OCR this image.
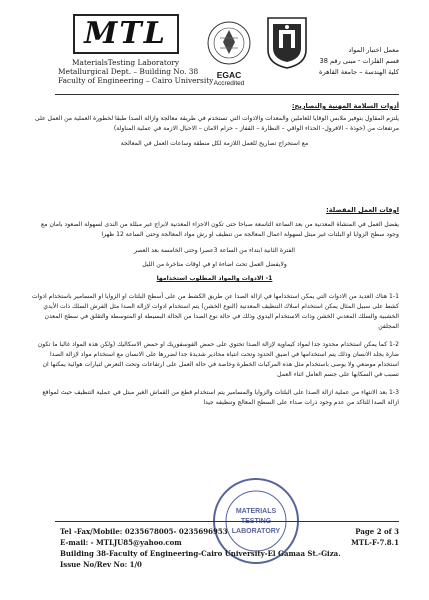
MTL
MaterialsTesting Laboratory
Metallurgical Dept. – Building No. 38
Faculty of Engineering – Cairo University
EGAC
Accredited
معمل اختبار المواد
قسم الفلزات - مبنى رقم 38
كلية الهندسة – جامعة القاهرة
أدوات السلامة المهنية والتصاريح:
يلتزم المقاول بتوفير ملابس الوقايا للعاملين والمعدات والادوات التي تستخدم في طريقة معالجة وازالة الصدا طبقا لخطورة العملية من العمل على مرتفعات من (خوذة – الافرول- الحذاء الواقي – النظارة – القفاز – حزام الامان – الاحبال الازمة في عملية المناولة)
مع استخراج تصاريح للعمل اللازمة لكل منطقة وساعات العمل في المعالجة
اوقات العمل المفضلة:
يفضل العمل في المنشاة المعدنية من بعد الساعة التاسعة صباحا حتى تكون الاجزاء المعدنية لابراج غير مبللة من الندى لسهولة الصعود بامان مع وجود سطح الزوايا او البلتات غير مبتل لسهولة اعمال المعالجة من تنظيف او رش مواد المعالجة وحتى الساعة 12 ظهرا
الفترة الثانية ابتداء من الساعة 3عصرا وحتى الخامسة بعد العصر
ولايفضل العمل تحت اضاءة او في اوقات متاخرة من الليل
1- الادوات والمواد المطلوب استخدامها
1-1 هناك العديد من الادوات التي يمكن استخدامها في ازالة الصدا عن طريق الكشط من على أسطح البلتات او الزوايا او المسامير باستخدام ادوات كشط على سبيل المثال يمكن استخدام اسلاك التنظيف المعدنية (النوع الخشن) يتم استخدام ادوات لإزالة الصدا مثل الفرش السلك ذات الأيدي الخشبية والسلك المعدني الخشن وذات الاستخدام اليدوي وذلك في حالة نوع الصدا من الحالة البسيطة او المتوسطة والتقلق في سطح المعدن المجلفن
1-2 كما يمكن استخدام محدود جدا لمواد كيماوية لإزالة الصدا تحتوي على حمض الفوسفوريك او حمض الاسكاليك (ولكن هذه المواد غالبا ما تكون ضارة بجلد الانسان وذلك يتم استخدامها في اضيق الحدود وتحت انتباه محاذير شديدة جدا لضررها على الانسان مع استخدام مواد لإزالة الصدا استخدام موضعي ولا يوصى باستخدام مثل هذه المركبات الخطرة وخاصة في حالة العمل على ارتفاعات وتحت التعرض لتيارات هوائية يمكنها ان تسبب في السكابها على جسم العامل اثناء العمل
1-3 بعد الانتهاء من عملية ازالة الصدا على البلتات والزوايا والمسامير يتم استخدام قطع من القماش الغير مبتل في عملية التنظيف حيث لمواقع ازالة الصدا للتاكد من عدم وجود ذرات صداء على السطح المعالج وتنظيفه جيدا
MATERIALS
LABORATORY
Tel -Fax/Mobile: 0235678005- 0235696953
E-mail: - MTLJU85@yahoo.com
Building 38-Faculty of Engineering-Cairo University-El Gamaa St.-Giza.
Issue No/Rev No: 1/0
Page 2 of 3
MTL-F-7.8.1
